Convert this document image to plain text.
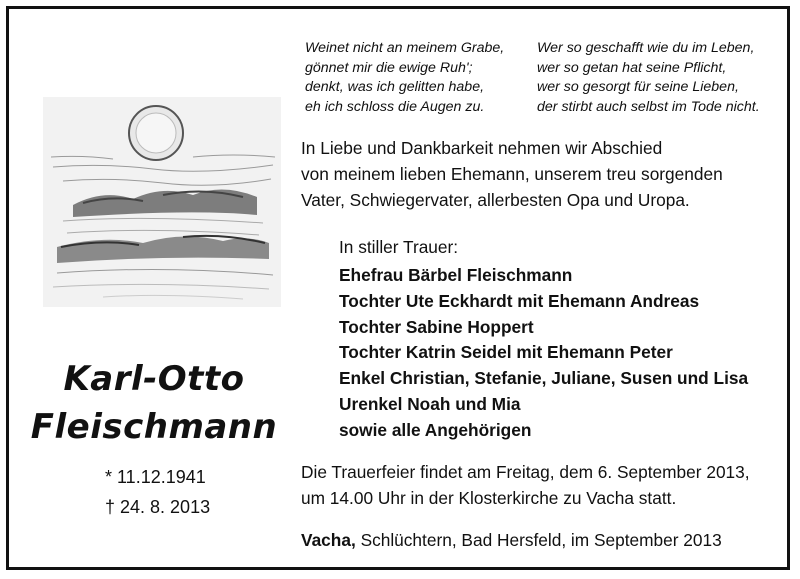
Karl-Otto
Fleischmann
* 11.12.1941
† 24. 8. 2013
Weinet nicht an meinem Grabe,
gönnet mir die ewige Ruh';
denkt, was ich gelitten habe,
eh ich schloss die Augen zu.
Wer so geschafft wie du im Leben,
wer so getan hat seine Pflicht,
wer so gesorgt für seine Lieben,
der stirbt auch selbst im Tode nicht.
In Liebe und Dankbarkeit nehmen wir Abschied
von meinem lieben Ehemann, unserem treu sorgenden
Vater, Schwiegervater, allerbesten Opa und Uropa.
In stiller Trauer:
Ehefrau Bärbel Fleischmann
Tochter Ute Eckhardt mit Ehemann Andreas
Tochter Sabine Hoppert
Tochter Katrin Seidel mit Ehemann Peter
Enkel Christian, Stefanie, Juliane, Susen und Lisa
Urenkel Noah und Mia
sowie alle Angehörigen
Die Trauerfeier findet am Freitag, dem 6. September 2013,
um 14.00 Uhr in der Klosterkirche zu Vacha statt.
Vacha, Schlüchtern, Bad Hersfeld, im September 2013
